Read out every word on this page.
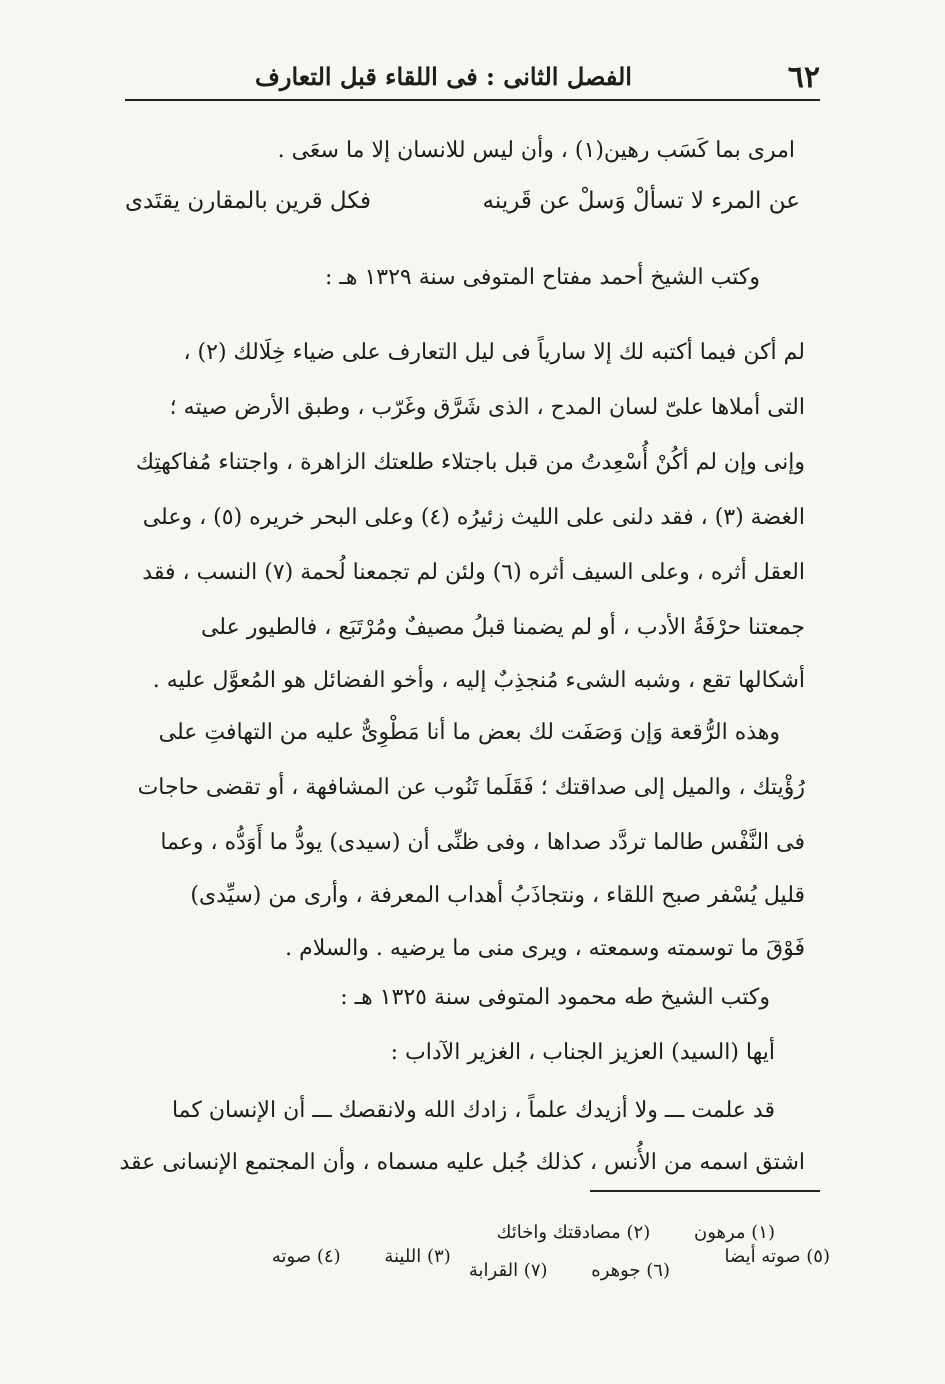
٦٢
الفصل الثانى : فى اللقاء قبل التعارف
امرى بما كَسَب رهين(١) ، وأن ليس للانسان إلا ما سعَى .
عن المرء لا تسألْ وَسلْ عن قَرينه
فكل قرين بالمقارن يقتَدى
وكتب الشيخ أحمد مفتاح المتوفى سنة ١٣٢٩ هـ :
لم أكن فيما أكتبه لك إلا سارياً فى ليل التعارف على ضياء خِلَالك (٢) ،
التى أملاها علىّ لسان المدح ، الذى شَرَّق وغَرّب ، وطبق الأرض صيته ؛
وإنى وإن لم أكُنْ أُسْعِدتُ من قبل باجتلاء طلعتك الزاهرة ، واجتناء مُفاكهتِك
الغضة (٣) ، فقد دلنى على الليث زئيرُه (٤) وعلى البحر خريره (٥) ، وعلى
العقل أثره ، وعلى السيف أثره (٦) ولئن لم تجمعنا لُحمة (٧) النسب ، فقد
جمعتنا حرْفَةُ الأدب ، أو لم يضمنا قبلُ مصيفٌ ومُرْتَبَع ، فالطيور على
أشكالها تقع ، وشبه الشىء مُنجذِبٌ إليه ، وأخو الفضائل هو المُعوَّل عليه .
وهذه الرُّقعة وَإن وَصَفَت لك بعض ما أنا مَطْوِىٌّ عليه من التهافتِ على
رُؤْيتك ، والميل إلى صداقتك ؛ فَقَلَما تَنُوب عن المشافهة ، أو تقضى حاجات
فى النَّفْس طالما تردَّد صداها ، وفى ظنِّى أن (سيدى) يودُّ ما أَوَدُّه ، وعما
قليل يُسْفر صبح اللقاء ، ونتجاذَبُ أهداب المعرفة ، وأرى من (سيِّدى)
فَوْقَ ما توسمته وسمعته ، ويرى منى ما يرضيه . والسلام .
وكتب الشيخ طه محمود المتوفى سنة ١٣٢٥ هـ :
أيها (السيد) العزيز الجناب ، الغزير الآداب :
قد علمت ـــ ولا أزيدك علماً ، زادك الله ولانقصك ـــ أن الإنسان كما
اشتق اسمه من الأُنس ، كذلك جُبل عليه مسماه ، وأن المجتمع الإنسانى عقد
(١) مرهون (٢) مصادقتك واخائك
(٥) صوته أيضا (٣) اللينة (٤) صوته
(٦) جوهره (٧) القرابة
